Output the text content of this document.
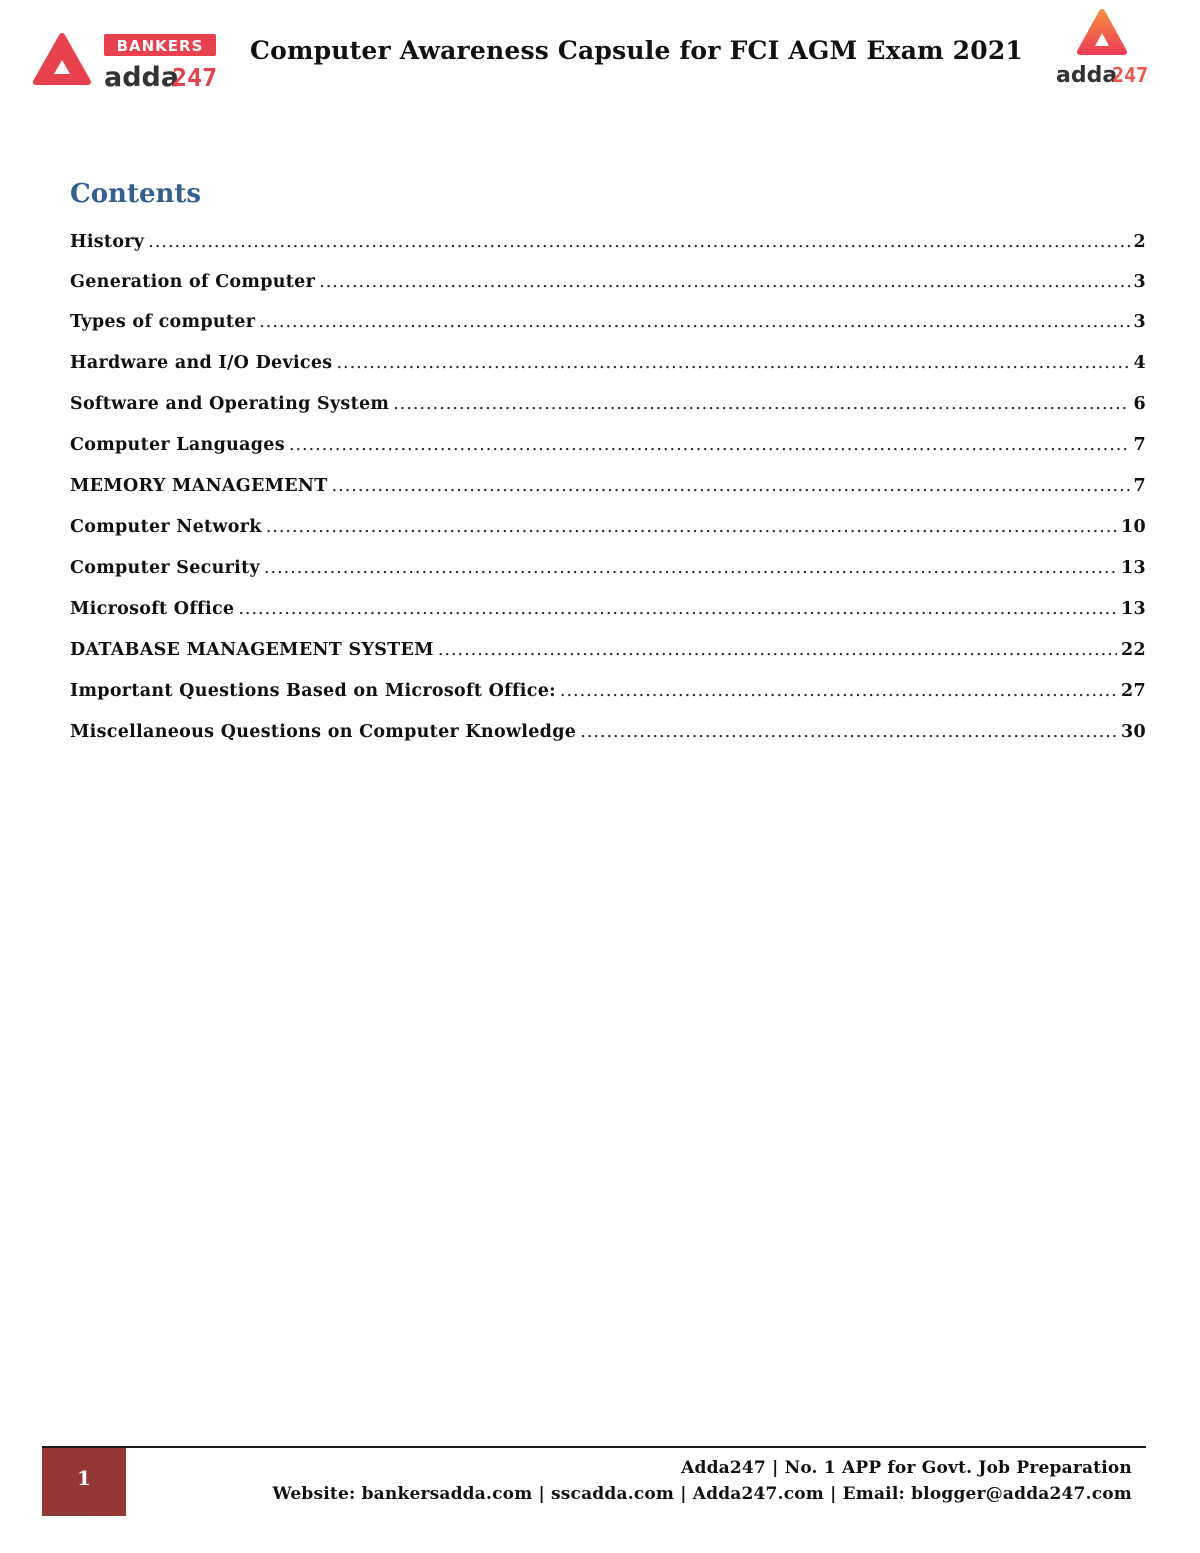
BANKERS
adda
247
Computer Awareness Capsule for FCI AGM Exam 2021
adda
247
Contents
History .....	2
Generation of Computer .....	3
Types of computer .....	3
Hardware and I/O Devices .....	4
Software and Operating System .....	6
Computer Languages .....	7
MEMORY MANAGEMENT .....	7
Computer Network .....	10
Computer Security .....	13
Microsoft Office .....	13
DATABASE MANAGEMENT SYSTEM .....	22
Important Questions Based on Microsoft Office: .....	27
Miscellaneous Questions on Computer Knowledge .....	30
1	Adda247 | No. 1 APP for Govt. Job Preparation
Website: bankersadda.com | sscadda.com | Adda247.com | Email: blogger@adda247.com
